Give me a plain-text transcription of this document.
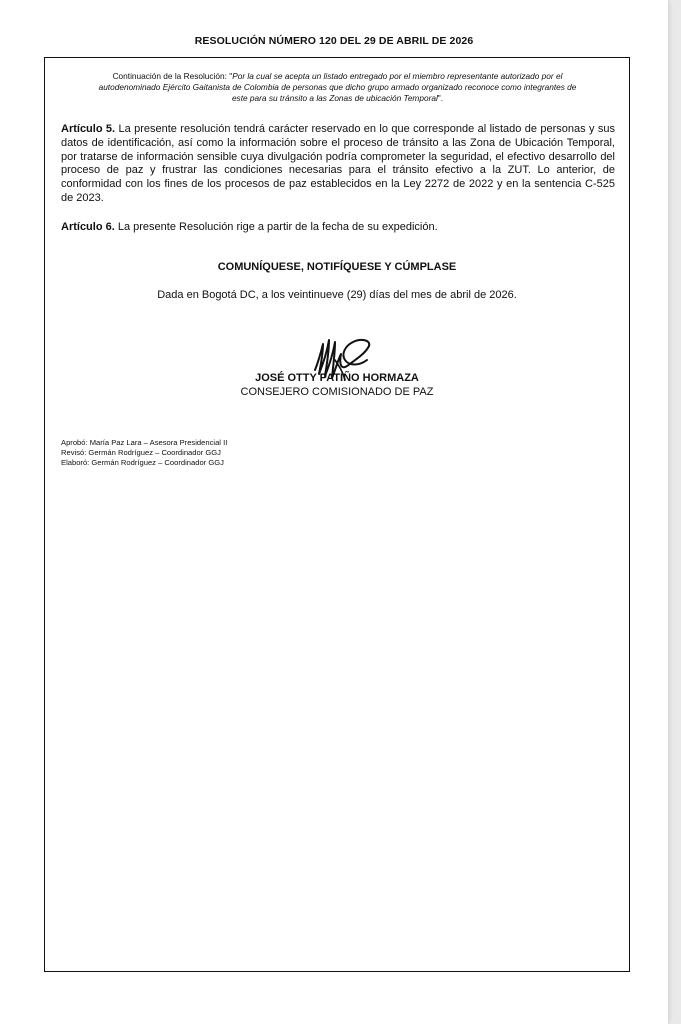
RESOLUCIÓN NÚMERO 120 DEL 29 DE ABRIL DE 2026
Continuación de la Resolución: "Por la cual se acepta un listado entregado por el miembro representante autorizado por el autodenominado Ejército Gaitanista de Colombia de personas que dicho grupo armado organizado reconoce como integrantes de este para su tránsito a las Zonas de ubicación Temporal".
Artículo 5. La presente resolución tendrá carácter reservado en lo que corresponde al listado de personas y sus datos de identificación, así como la información sobre el proceso de tránsito a las Zona de Ubicación Temporal, por tratarse de información sensible cuya divulgación podría comprometer la seguridad, el efectivo desarrollo del proceso de paz y frustrar las condiciones necesarias para el tránsito efectivo a la ZUT. Lo anterior, de conformidad con los fines de los procesos de paz establecidos en la Ley 2272 de 2022 y en la sentencia C-525 de 2023.
Artículo 6. La presente Resolución rige a partir de la fecha de su expedición.
COMUNÍQUESE, NOTIFÍQUESE Y CÚMPLASE
Dada en Bogotá DC, a los veintinueve (29) días del mes de abril de 2026.
JOSÉ OTTY PATIÑO HORMAZA
CONSEJERO COMISIONADO DE PAZ
Aprobó: María Paz Lara – Asesora Presidencial II
Revisó: Germán Rodríguez – Coordinador GGJ
Elaboró: Germán Rodríguez – Coordinador GGJ
